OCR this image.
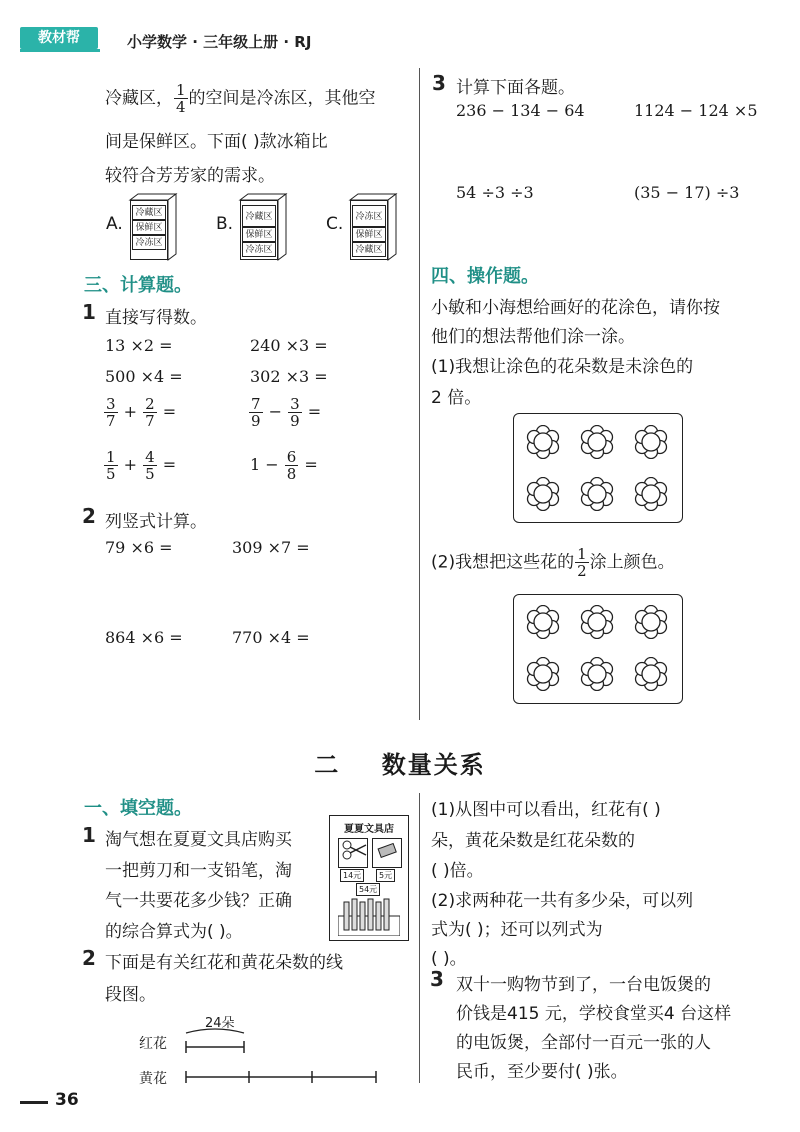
教材帮	小学数学 · 三年级上册 · RJ
冷藏区， $\frac{1}{4}$ 的空间是冷冻区，其他空
间是保鲜区。下面( )款冰箱比
较符合芳芳家的需求。
A.
冷藏区
保鲜区
冷冻区
B.	冷藏区
保鲜区
冷冻区
C.	冷冻区
保鲜区
冷藏区
三、计算题。
1 直接写得数。
13 ×2 =	240 ×3 =
500 ×4 =	302 ×3 =
$\frac{3}{7} + \frac{2}{7}$ =	$\frac{7}{9} - \frac{3}{9}$ =
$\frac{1}{5} + \frac{4}{5}$ =	$1 - \frac{6}{8}$ =
2 列竖式计算。
79 ×6 =	309 ×7 =
864 ×6 =	770 ×4 =
3 计算下面各题。
236 − 134 − 64	1124 − 124 ×5
54 ÷3 ÷3	(35 − 17) ÷3
四、操作题。
小敏和小海想给画好的花涂色，请你按
他们的想法帮他们涂一涂。
(1)我想让涂色的花朵数是未涂色的
2 倍。
(2)我想把这些花的 $\frac{1}{2}$ 涂上颜色。
二 数量关系
一、填空题。
1 淘气想在夏夏文具店购买
一把剪刀和一支铅笔，淘
气一共要花多少钱？正确
的综合算式为( )。
夏夏文具店
14元	5元
54元
2 下面是有关红花和黄花朵数的线
段图。
24朵
红花
黄花
(1)从图中可以看出，红花有( )
朵，黄花朵数是红花朵数的
( )倍。
(2)求两种花一共有多少朵，可以列
式为( )；还可以列式为
( )。
3 双十一购物节到了，一台电饭煲的
价钱是415 元，学校食堂买4 台这样
的电饭煲，全部付一百元一张的人
民币，至少要付( )张。
36
